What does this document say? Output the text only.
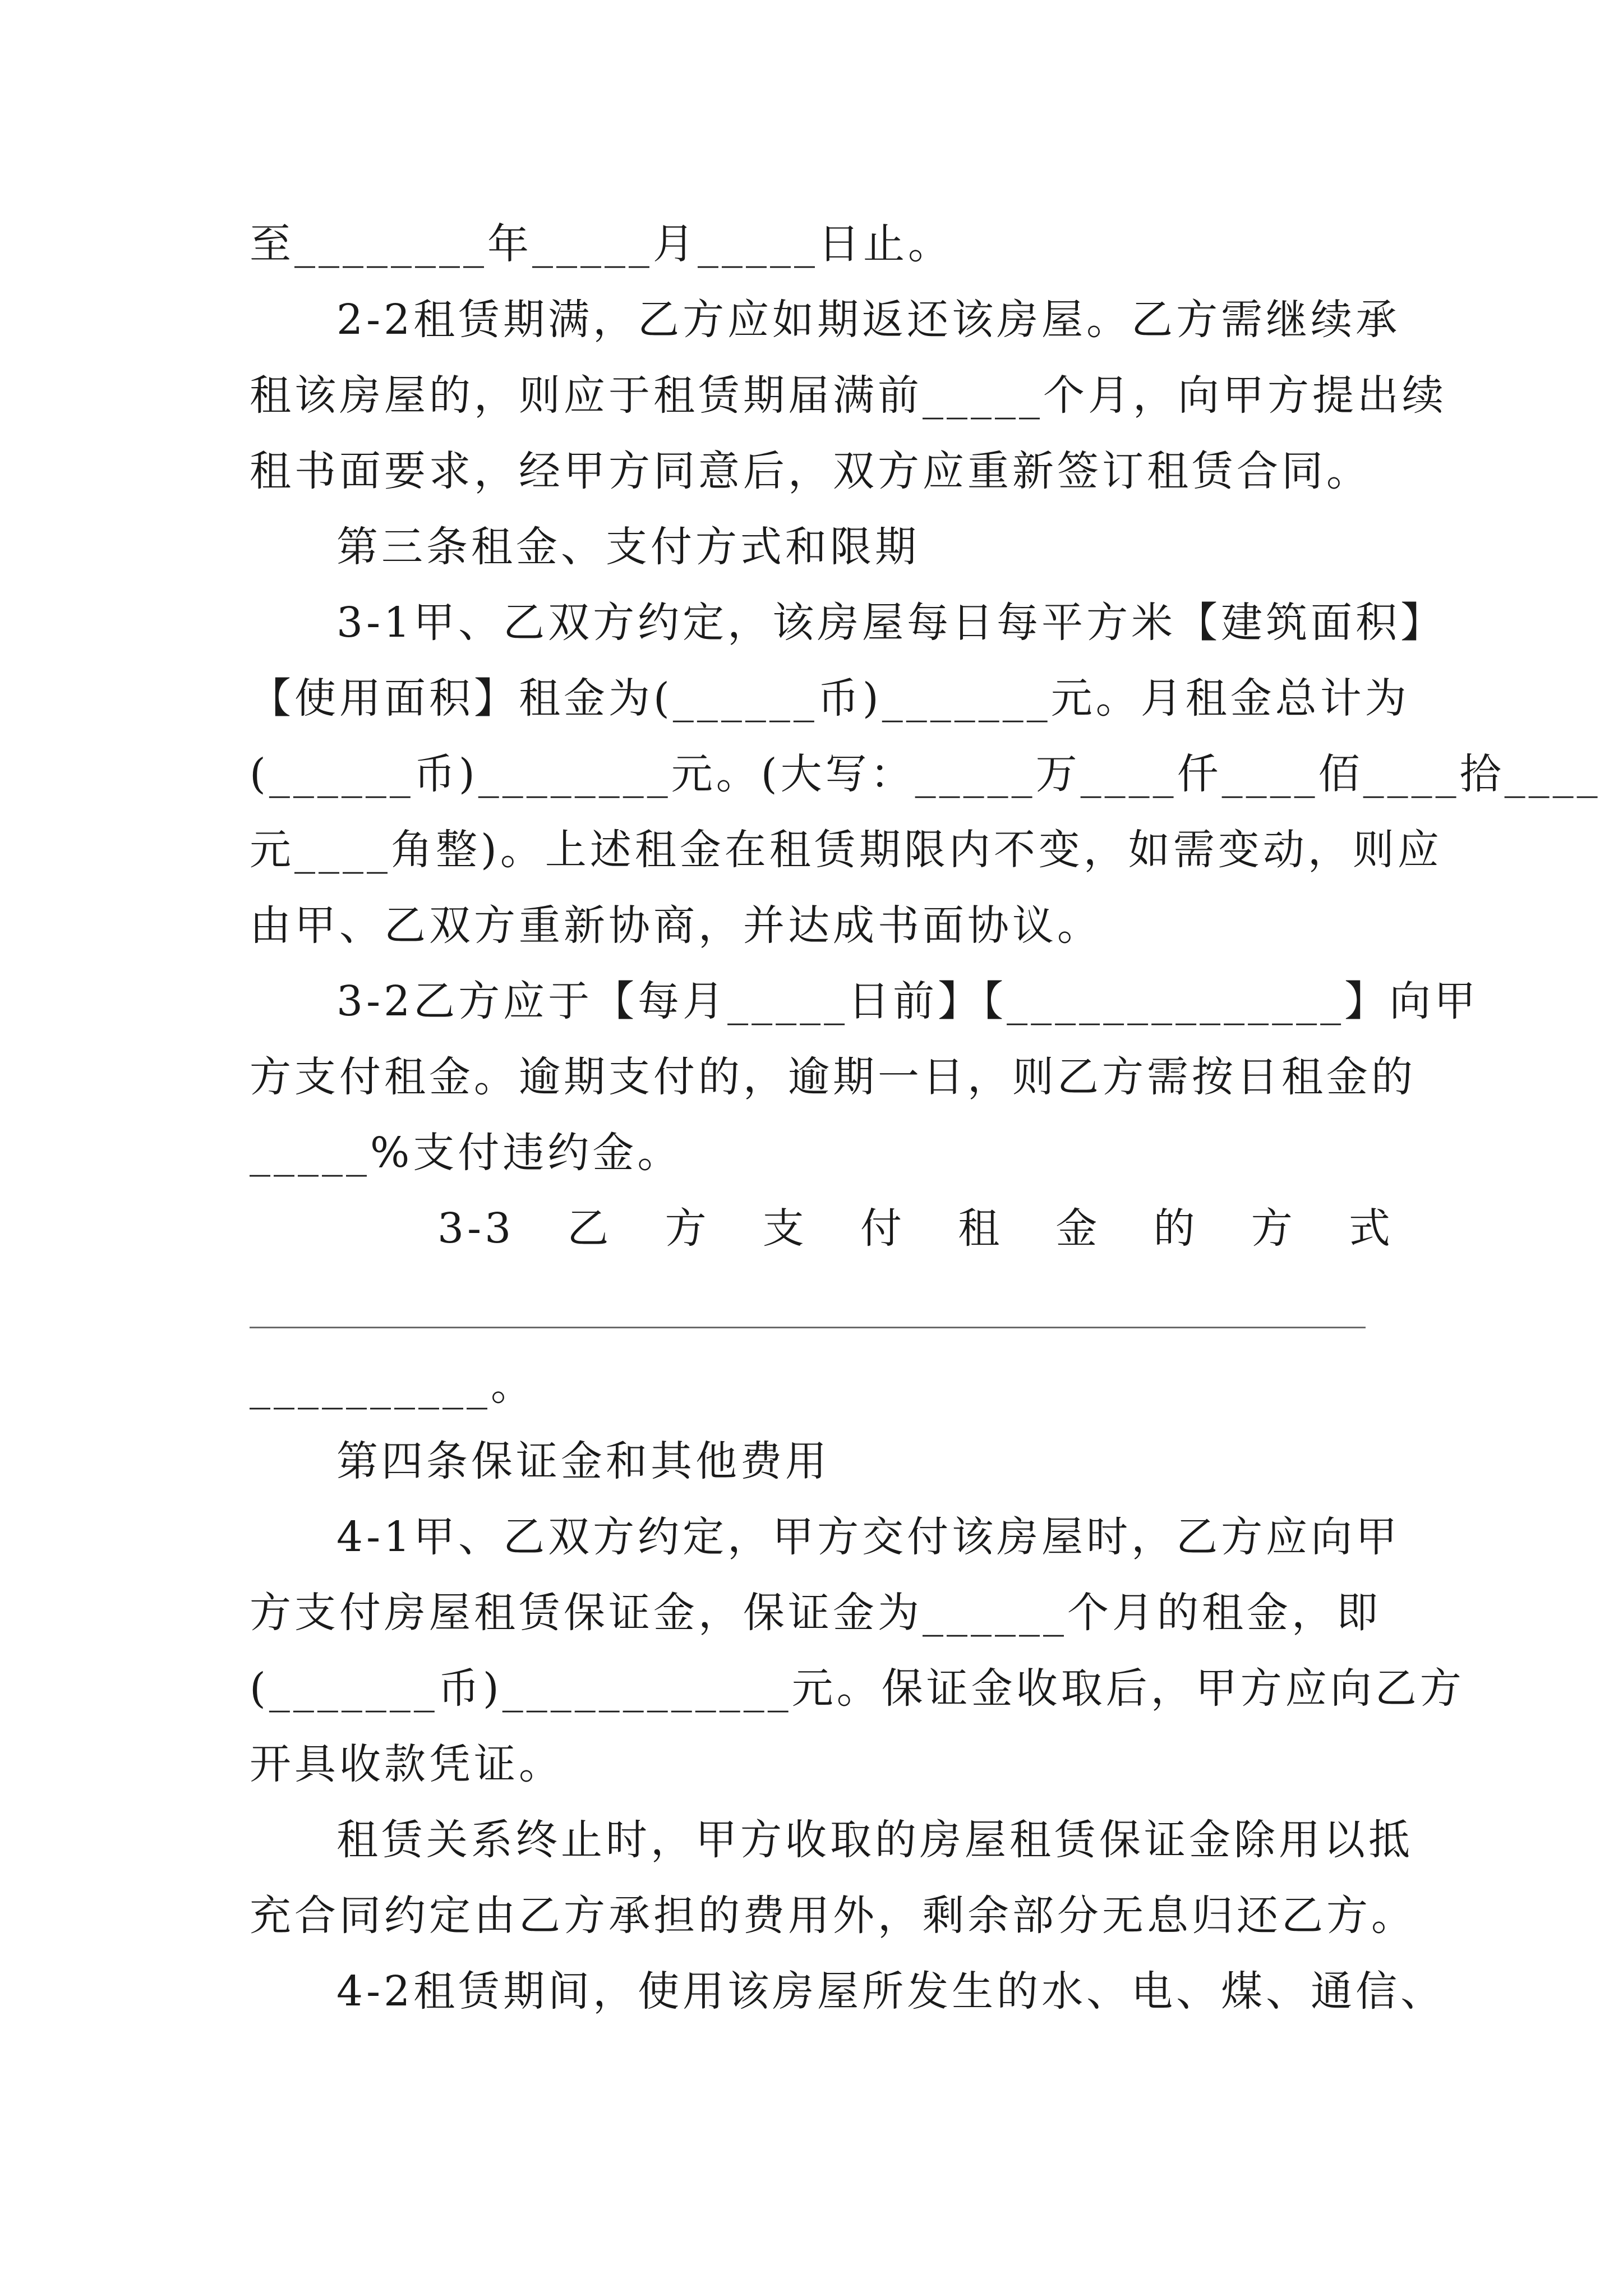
至________年_____月_____日止。
2-2租赁期满，乙方应如期返还该房屋。乙方需继续承
租该房屋的，则应于租赁期届满前_____个月，向甲方提出续
租书面要求，经甲方同意后，双方应重新签订租赁合同。
第三条租金、支付方式和限期
3-1甲、乙双方约定，该房屋每日每平方米【建筑面积】
【使用面积】租金为(______币)_______元。月租金总计为
(______币)________元。(大写：_____万____仟____佰____拾____
元____角整)。上述租金在租赁期限内不变，如需变动，则应
由甲、乙双方重新协商，并达成书面协议。
3-2乙方应于【每月_____日前】【______________】向甲
方支付租金。逾期支付的，逾期一日，则乙方需按日租金的
_____%支付违约金。
3-3 乙 方 支 付 租 金 的 方 式
__________。
第四条保证金和其他费用
4-1甲、乙双方约定，甲方交付该房屋时，乙方应向甲
方支付房屋租赁保证金，保证金为______个月的租金，即
(_______币)____________元。保证金收取后，甲方应向乙方
开具收款凭证。
租赁关系终止时，甲方收取的房屋租赁保证金除用以抵
充合同约定由乙方承担的费用外，剩余部分无息归还乙方。
4-2租赁期间，使用该房屋所发生的水、电、煤、通信、
